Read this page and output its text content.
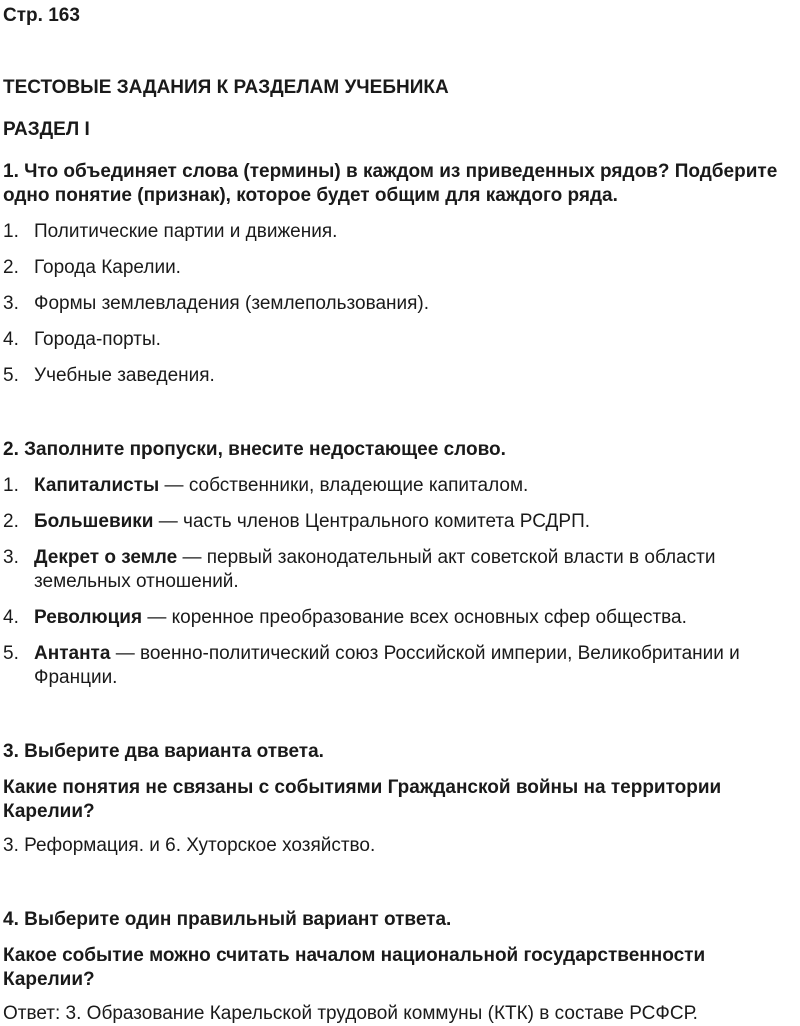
Стр. 163

ТЕСТОВЫЕ ЗАДАНИЯ К РАЗДЕЛАМ УЧЕБНИКА

РАЗДЕЛ I

1. Что объединяет слова (термины) в каждом из приведенных рядов? Подберите одно понятие (признак), которое будет общим для каждого ряда.

1. Политические партии и движения.
2. Города Карелии.
3. Формы землевладения (землепользования).
4. Города-порты.
5. Учебные заведения.

2. Заполните пропуски, внесите недостающее слово.

1. Капиталисты — собственники, владеющие капиталом.
2. Большевики — часть членов Центрального комитета РСДРП.
3. Декрет о земле — первый законодательный акт советской власти в области земельных отношений.
4. Революция — коренное преобразование всех основных сфер общества.
5. Антанта — военно-политический союз Российской империи, Великобритании и Франции.

3. Выберите два варианта ответа.

Какие понятия не связаны с событиями Гражданской войны на территории Карелии?

3. Реформация. и 6. Хуторское хозяйство.

4. Выберите один правильный вариант ответа.

Какое событие можно считать началом национальной государственности Карелии?

Ответ: 3. Образование Карельской трудовой коммуны (КТК) в составе РСФСР.
